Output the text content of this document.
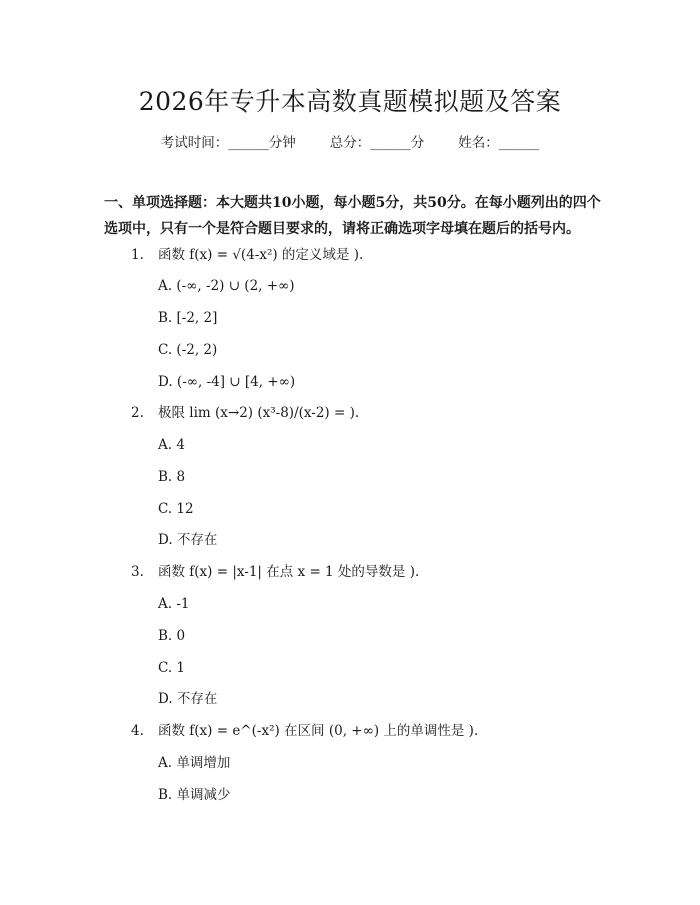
2026年专升本高数真题模拟题及答案
考试时间：______分钟	总分：______分	姓名：______

一、单项选择题：本大题共10小题，每小题5分，共50分。在每小题列出的四个选项中，只有一个是符合题目要求的，请将正确选项字母填在题后的括号内。

1. 函数 f(x) = √(4-x²) 的定义域是 ).
A. (-∞, -2) ∪ (2, +∞)
B. [-2, 2]
C. (-2, 2)
D. (-∞, -4] ∪ [4, +∞)
2. 极限 lim (x→2) (x³-8)/(x-2) = ).
A. 4
B. 8
C. 12
D. 不存在
3. 函数 f(x) = |x-1| 在点 x = 1 处的导数是 ).
A. -1
B. 0
C. 1
D. 不存在
4. 函数 f(x) = e^(-x²) 在区间 (0, +∞) 上的单调性是 ).
A. 单调增加
B. 单调减少
